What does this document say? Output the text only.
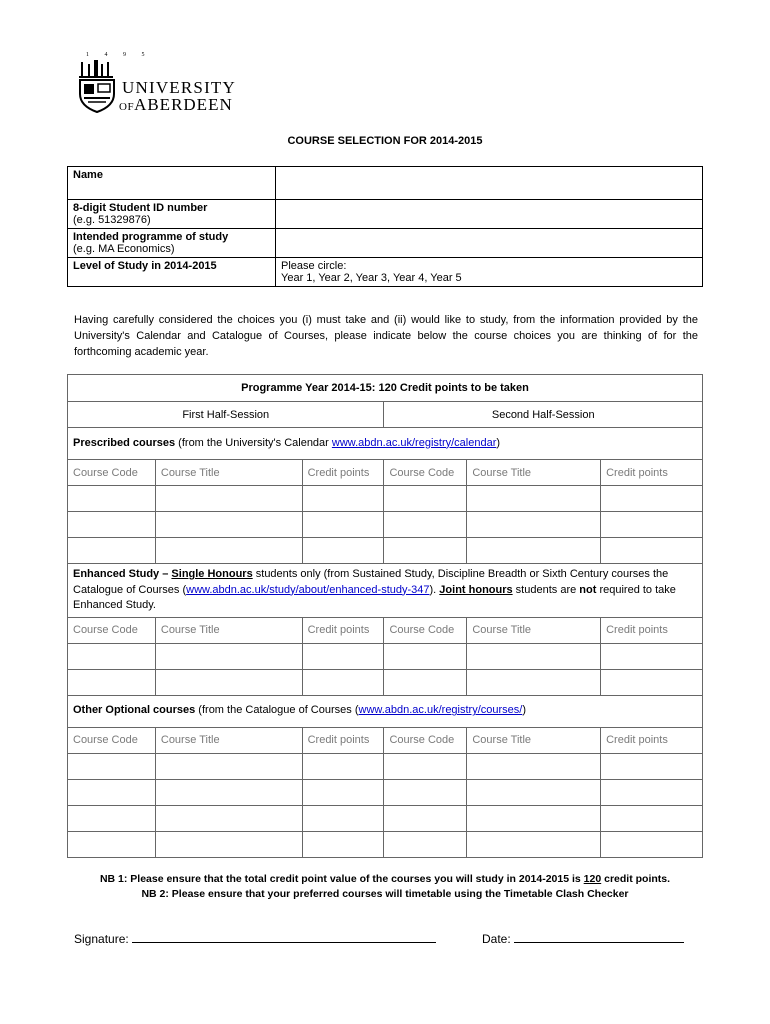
1 4 9 5
UNIVERSITY
OFABERDEEN
COURSE SELECTION FOR 2014-2015
Name	

8-digit Student ID number
(e.g. 51329876)	

Intended programme of study
(e.g. MA Economics)	

Level of Study in 2014-2015	Please circle:
Year 1, Year 2, Year 3, Year 4, Year 5
Having carefully considered the choices you (i) must take and (ii) would like to study, from the information provided by the University's Calendar and Catalogue of Courses, please indicate below the course choices you are thinking of for the forthcoming academic year.
Programme Year 2014-15: 120 Credit points to be taken					
First Half-Session			Second Half-Session		
Prescribed courses (from the University's Calendar www.abdn.ac.uk/registry/calendar)					
Course Code	Course Title	Credit points	Course Code	Course Title	Credit points

Enhanced Study – Single Honours students only (from Sustained Study, Discipline Breadth or Sixth Century courses the Catalogue of Courses (www.abdn.ac.uk/study/about/enhanced-study-347). Joint honours students are not required to take Enhanced Study.					
Course Code	Course Title	Credit points	Course Code	Course Title	Credit points

Other Optional courses (from the Catalogue of Courses (www.abdn.ac.uk/registry/courses/)					
Course Code	Course Title	Credit points	Course Code	Course Title	Credit points

NB 1: Please ensure that the total credit point value of the courses you will study in 2014-2015 is 120 credit points.
NB 2: Please ensure that your preferred courses will timetable using the Timetable Clash Checker
Signature:	Date:
